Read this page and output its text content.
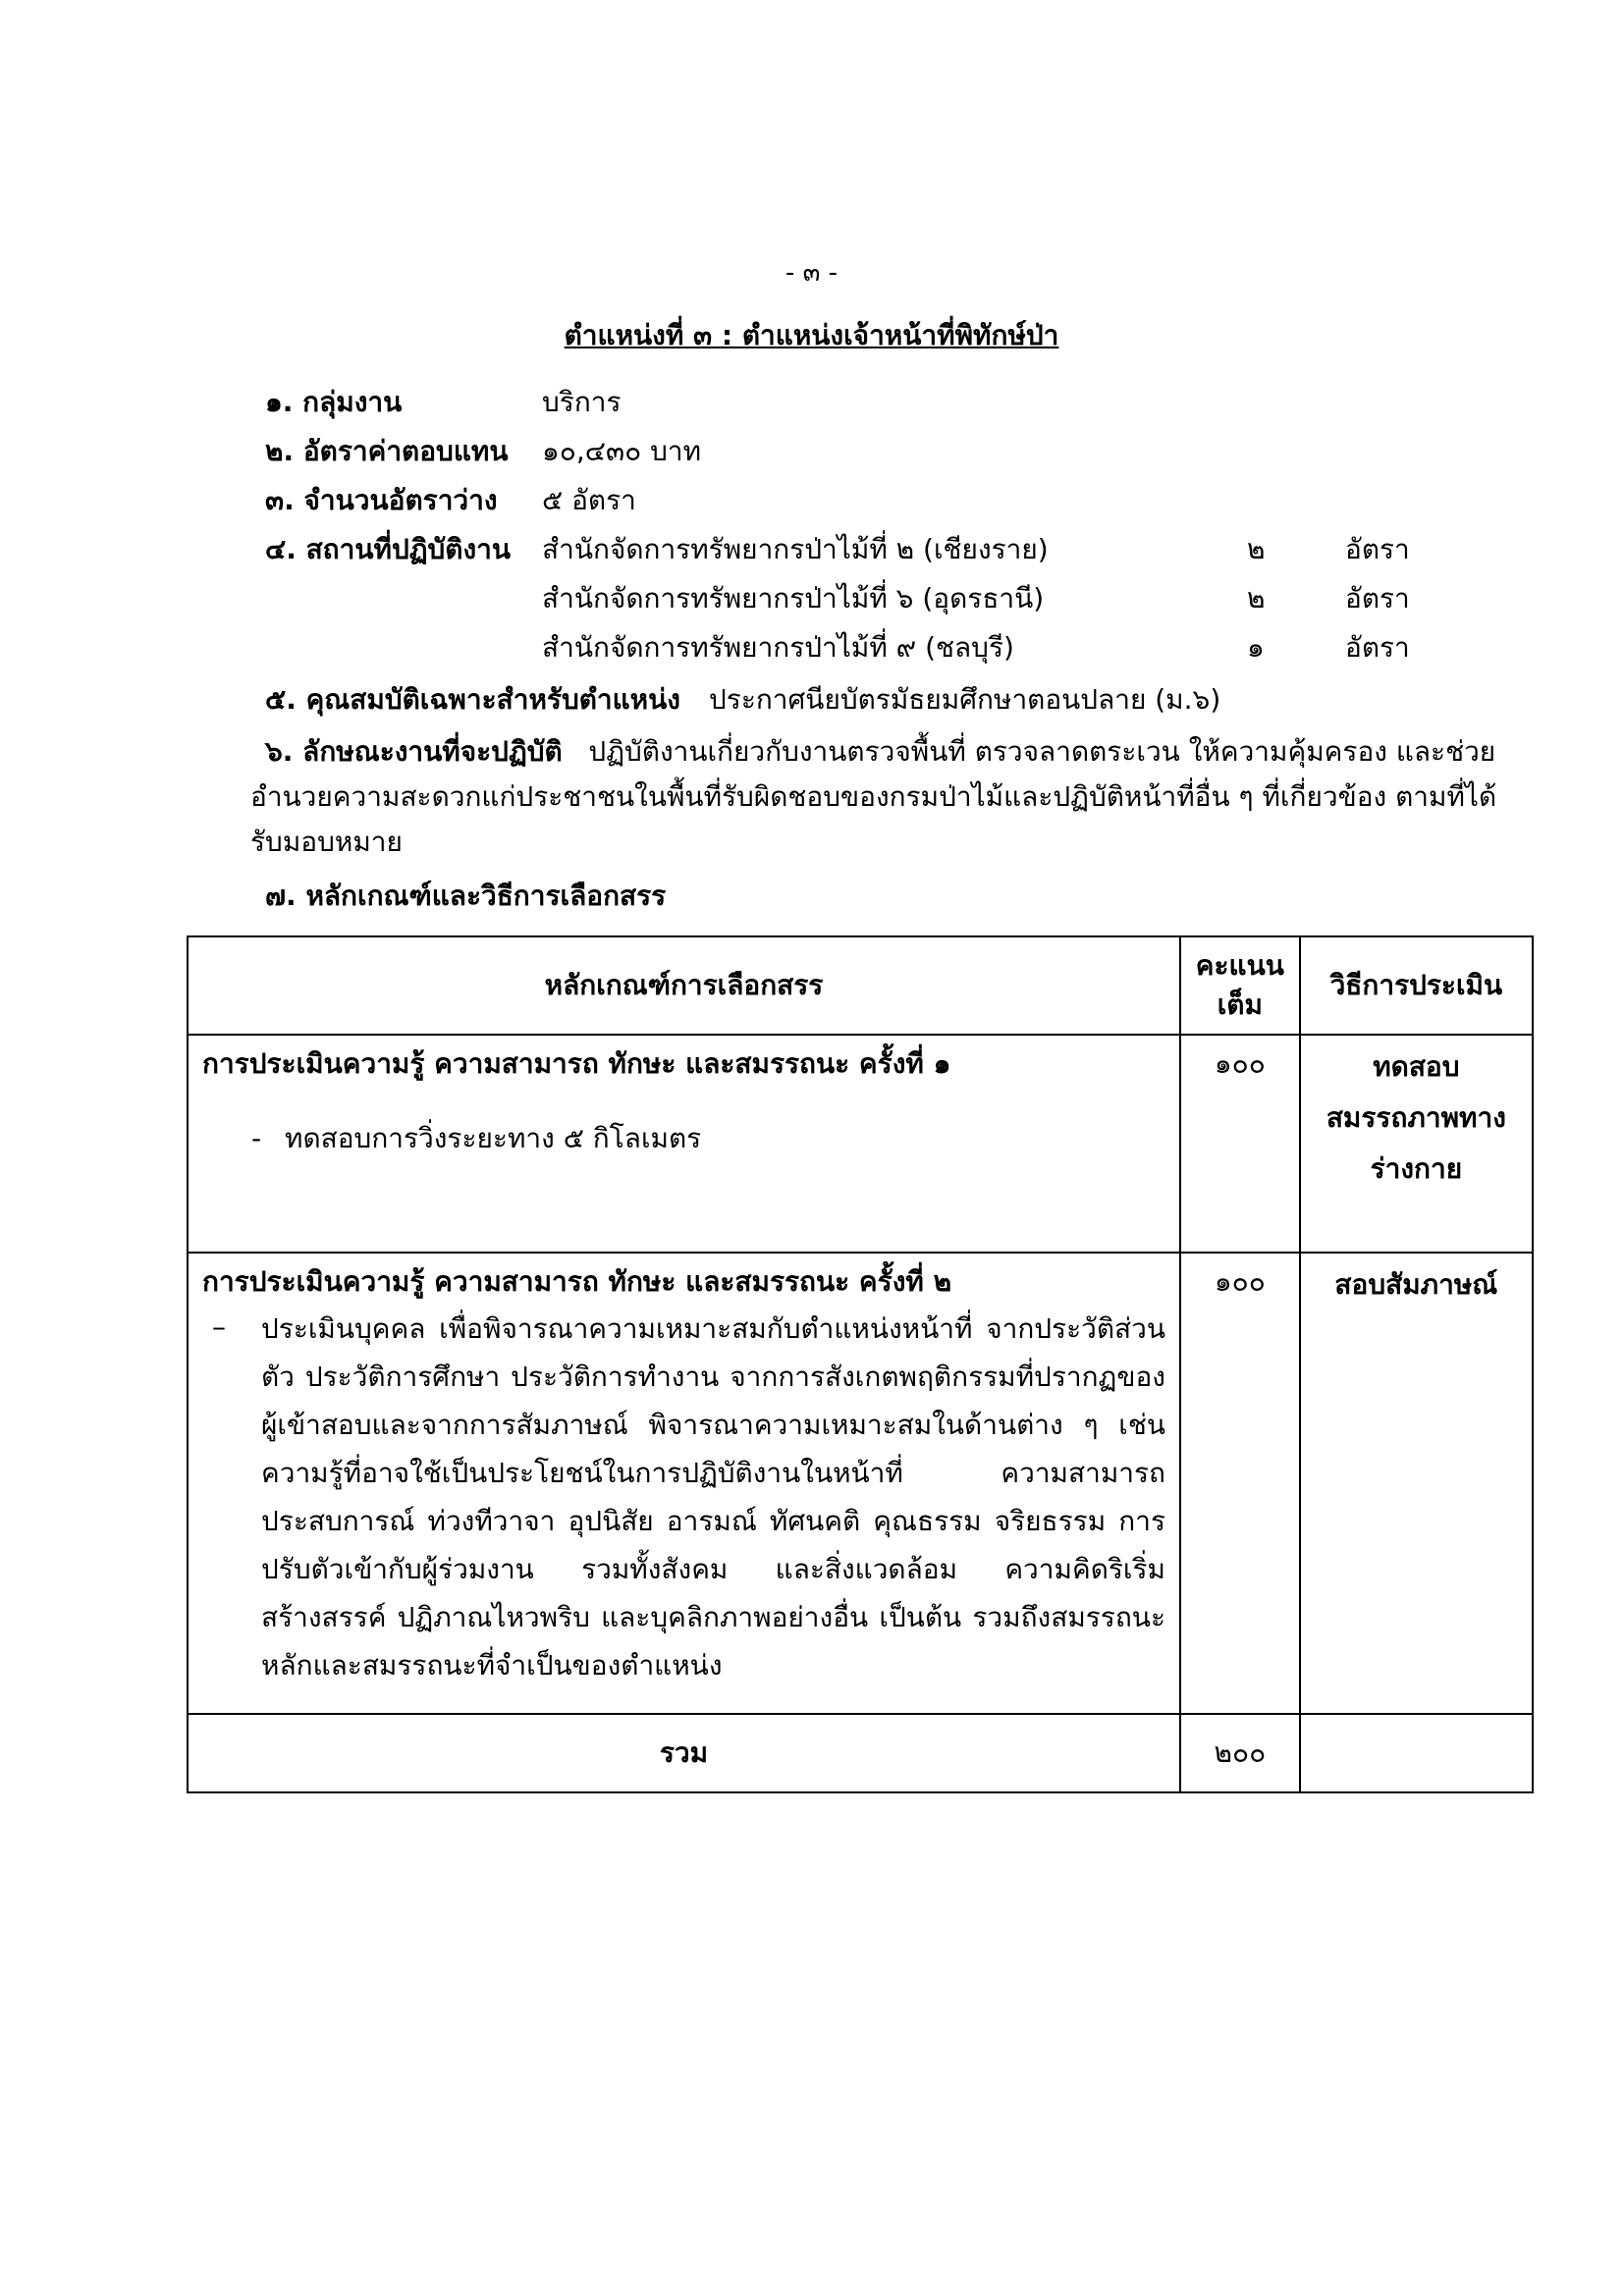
- ๓ -
ตำแหน่งที่ ๓ : ตำแหน่งเจ้าหน้าที่พิทักษ์ป่า
๑. กลุ่มงาน	บริการ
๒. อัตราค่าตอบแทน ๑๐,๔๓๐ บาท
๓. จำนวนอัตราว่าง ๕ อัตรา
๔. สถานที่ปฏิบัติงาน สำนักจัดการทรัพยากรป่าไม้ที่ ๒ (เชียงราย)	๒	อัตรา
สำนักจัดการทรัพยากรป่าไม้ที่ ๖ (อุดรธานี)	๒	อัตรา
สำนักจัดการทรัพยากรป่าไม้ที่ ๙ (ชลบุรี)	๑	อัตรา
๕. คุณสมบัติเฉพาะสำหรับตำแหน่ง ประกาศนียบัตรมัธยมศึกษาตอนปลาย (ม.๖)
๖. ลักษณะงานที่จะปฏิบัติ ปฏิบัติงานเกี่ยวกับงานตรวจพื้นที่ ตรวจลาดตระเวน ให้ความคุ้มครอง และช่วยอำนวยความสะดวกแก่ประชาชนในพื้นที่รับผิดชอบของกรมป่าไม้และปฏิบัติหน้าที่อื่น ๆ ที่เกี่ยวข้อง ตามที่ได้รับมอบหมาย
๗. หลักเกณฑ์และวิธีการเลือกสรร
หลักเกณฑ์การเลือกสรร	คะแนนเต็ม	วิธีการประเมิน

การประเมินความรู้ ความสามารถ ทักษะ และสมรรถนะ ครั้งที่ ๑
- ทดสอบการวิ่งระยะทาง ๕ กิโลเมตร	๑๐๐	ทดสอบสมรรถภาพทางร่างกาย

การประเมินความรู้ ความสามารถ ทักษะ และสมรรถนะ ครั้งที่ ๒
– ประเมินบุคคล เพื่อพิจารณาความเหมาะสมกับตำแหน่งหน้าที่ จากประวัติส่วนตัว ประวัติการศึกษา ประวัติการทำงาน จากการสังเกตพฤติกรรมที่ปรากฏของผู้เข้าสอบและจากการสัมภาษณ์ พิจารณาความเหมาะสมในด้านต่าง ๆ เช่น ความรู้ที่อาจใช้เป็นประโยชน์ในการปฏิบัติงานในหน้าที่ ความสามารถ ประสบการณ์ ท่วงทีวาจา อุปนิสัย อารมณ์ ทัศนคติ คุณธรรม จริยธรรม การปรับตัวเข้ากับผู้ร่วมงาน รวมทั้งสังคม และสิ่งแวดล้อม ความคิดริเริ่มสร้างสรรค์ ปฏิภาณไหวพริบ และบุคลิกภาพอย่างอื่น เป็นต้น รวมถึงสมรรถนะหลักและสมรรถนะที่จำเป็นของตำแหน่ง	๑๐๐	สอบสัมภาษณ์
รวม	๒๐๐	
